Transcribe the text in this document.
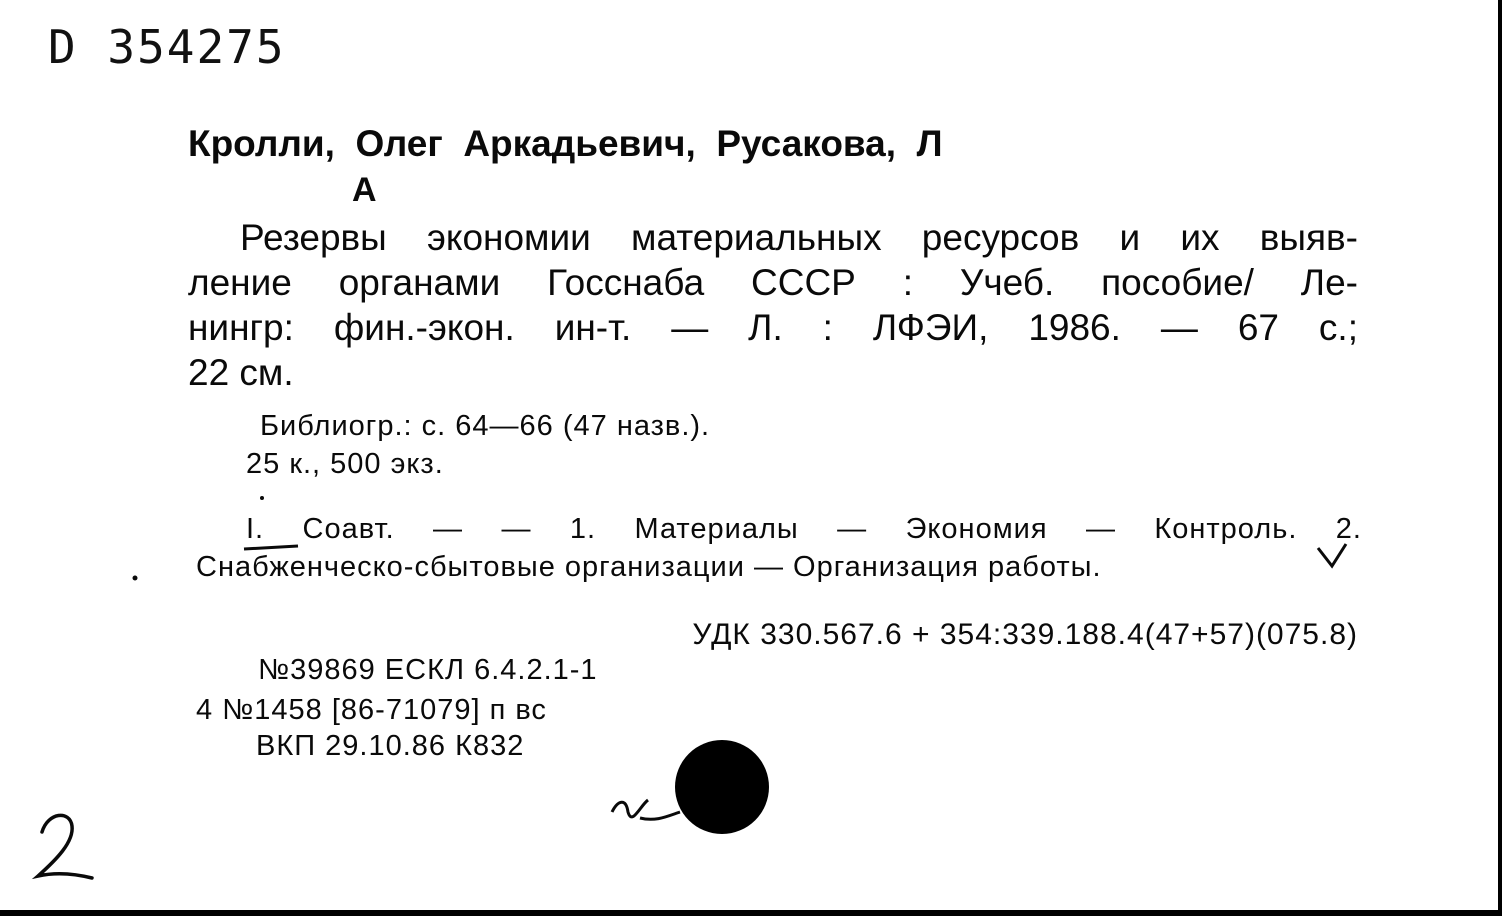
D 354275
Кролли,  Олег  Аркадьевич,  Русакова,  Л
А
Резервы экономии материальных ресурсов и их выяв-
ление органами Госснаба СССР : Учеб. пособие/ Ле-
нингр: фин.-экон. ин-т. — Л. : ЛФЭИ, 1986. — 67 с.;
22 см.
Библиогр.: с. 64—66 (47 назв.).
25 к., 500 экз.
I. Соавт. — — 1. Материалы — Экономия — Контроль. 2.
Снабженческо-сбытовые организации — Организация работы.
УДК 330.567.6 + 354:339.188.4(47+57)(075.8)
№39869 ЕСКЛ 6.4.2.1-1
4 №1458 [86-71079] п вс
ВКП 29.10.86 К832
